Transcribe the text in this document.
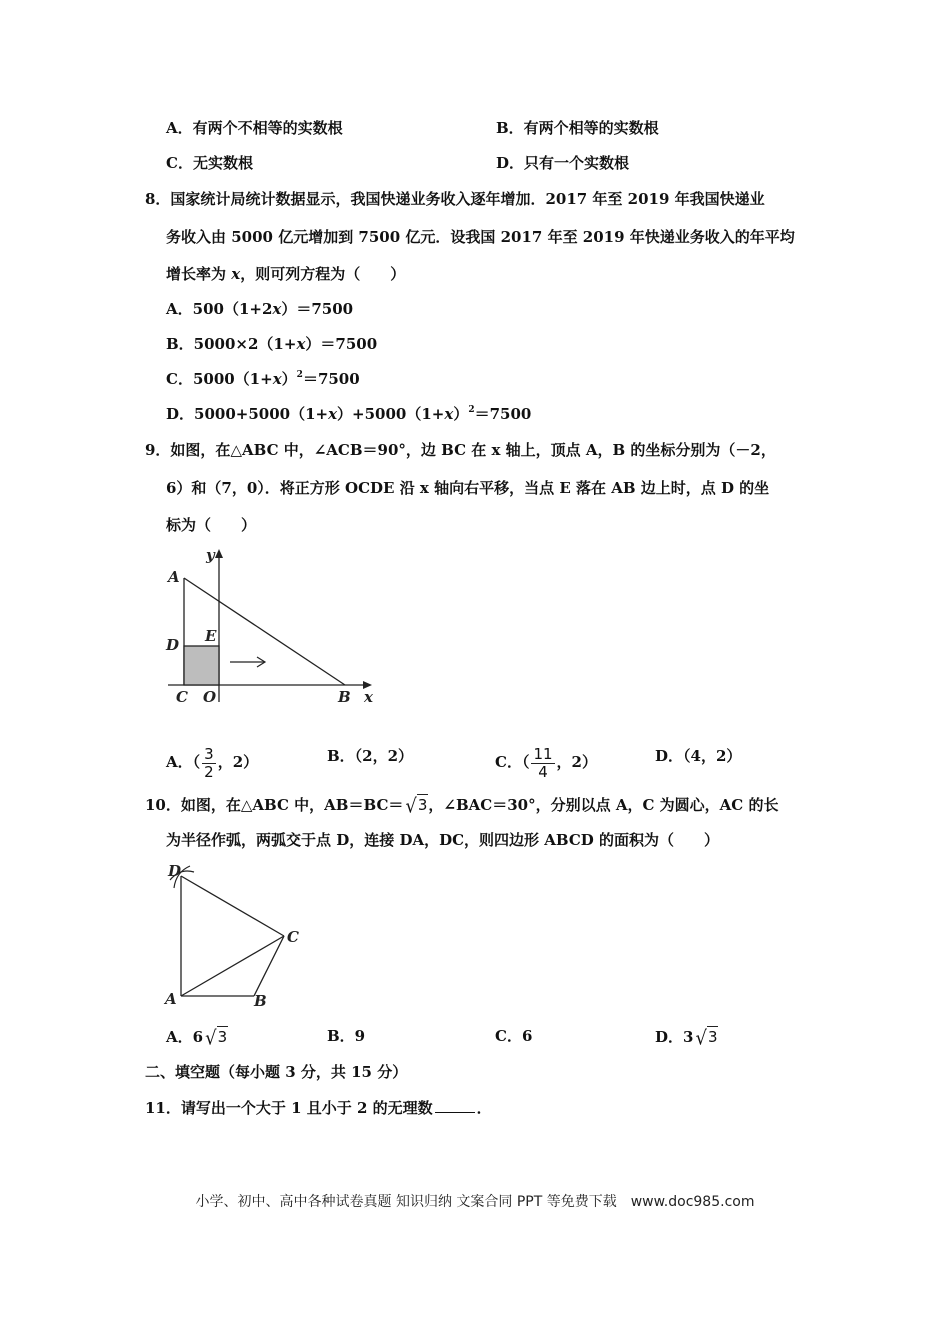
A．有两个不相等的实数根	B．有两个相等的实数根
C．无实数根	D．只有一个实数根
8．国家统计局统计数据显示，我国快递业务收入逐年增加．2017 年至 2019 年我国快递业
务收入由 5000 亿元增加到 7500 亿元．设我国 2017 年至 2019 年快递业务收入的年平均
增长率为 x，则可列方程为（　　）
A．500（1+2x）＝7500
B．5000×2（1+x）＝7500
C．$5000(1+x)^2=7500$
D．$5000+5000(1+x)+5000(1+x)^2=7500$
9．如图，在△ABC 中，∠ACB＝90°，边 BC 在 x 轴上，顶点 A，B 的坐标分别为（－2，
6）和（7，0）．将正方形 OCDE 沿 x 轴向右平移，当点 E 落在 AB 边上时，点 D 的坐
标为（　　）
y
A
D E
C O	B x
A．（ $\frac{3}{2}$ ，2）	B．（2，2）	C．（ $\frac{11}{4}$ ，2）	D．（4，2）
10．如图，在△ABC 中，AB＝BC＝ √3，∠BAC＝30°，分别以点 A，C 为圆心，AC 的长
为半径作弧，两弧交于点 D，连接 DA，DC，则四边形 ABCD 的面积为（　　）
D
C
A	B
A．6 √3	B．9	C．6	D．3 √3
二、填空题（每小题 3 分，共 15 分）
11．请写出一个大于 1 且小于 2 的无理数	．
小学、初中、高中各种试卷真题 知识归纳 文案合同 PPT 等免费下载　www.doc985.com
